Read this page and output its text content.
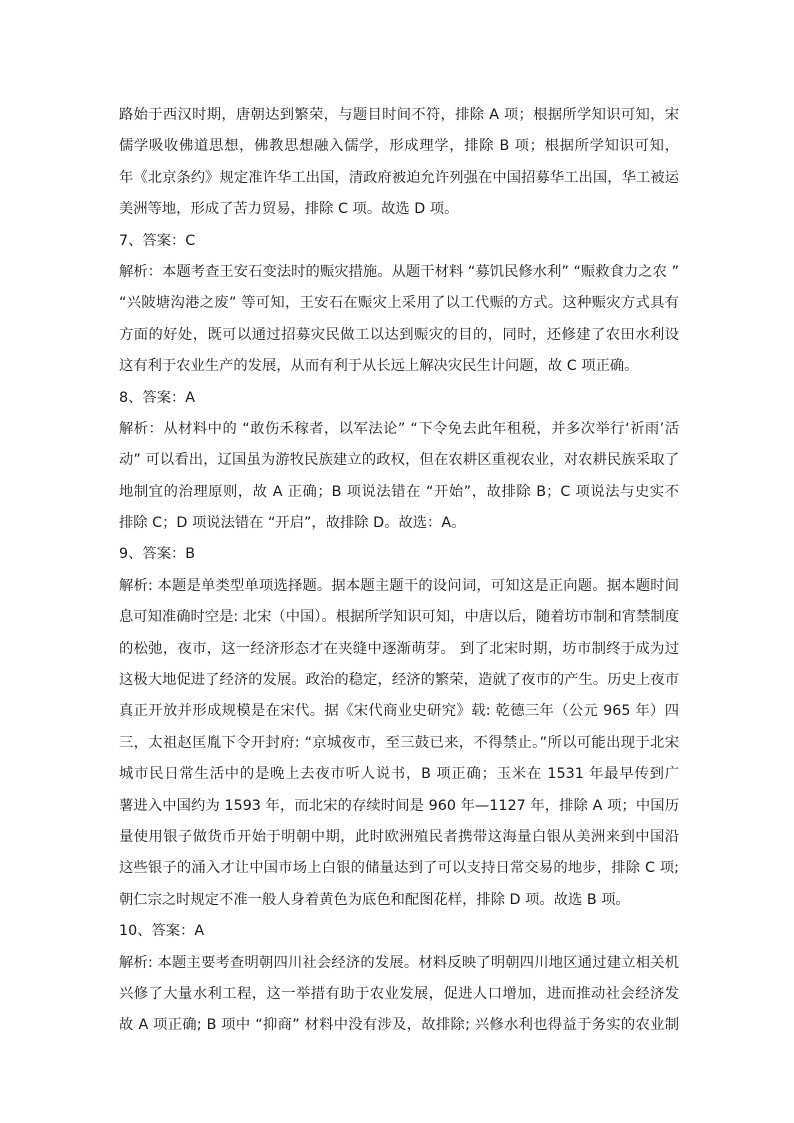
路始于西汉时期，唐朝达到繁荣，与题目时间不符，排除 A 项；根据所学知识可知，宋
儒学吸收佛道思想，佛教思想融入儒学，形成理学，排除 B 项；根据所学知识可知，
年《北京条约》规定准许华工出国，清政府被迫允许列强在中国招募华工出国，华工被运
美洲等地，形成了苦力贸易，排除 C 项。故选 D 项。
7、答案：C
解析：本题考查王安石变法时的赈灾措施。从题干材料 “募饥民修水利” “赈救食力之农 ”
“兴陂塘沟港之废” 等可知，王安石在赈灾上采用了以工代赈的方式。这种赈灾方式具有
方面的好处，既可以通过招募灾民做工以达到赈灾的目的，同时，还修建了农田水利设
这有利于农业生产的发展，从而有利于从长远上解决灾民生计问题，故 C 项正确。
8、答案：A
解析：从材料中的 “敢伤禾稼者，以军法论” “下令免去此年租税，并多次举行‘祈雨’活
动” 可以看出，辽国虽为游牧民族建立的政权，但在农耕区重视农业，对农耕民族采取了
地制宜的治理原则，故 A 正确；B 项说法错在 “开始”，故排除 B；C 项说法与史实不
排除 C；D 项说法错在 “开启”，故排除 D。故选：A。
9、答案：B
解析: 本题是单类型单项选择题。据本题主题干的设问词，可知这是正向题。据本题时间
息可知准确时空是: 北宋（中国）。根据所学知识可知，中唐以后，随着坊市制和宵禁制度
的松弛，夜市，这一经济形态才在夹缝中逐渐萌芽。 到了北宋时期，坊市制终于成为过
这极大地促进了经济的发展。政治的稳定，经济的繁荣，造就了夜市的产生。历史上夜市
真正开放并形成规模是在宋代。据《宋代商业史研究》载: 乾德三年（公元 965 年）四
三，太祖赵匡胤下令开封府: “京城夜市，至三鼓已来，不得禁止。”所以可能出现于北宋
城市民日常生活中的是晚上去夜市听人说书，B 项正确；玉米在 1531 年最早传到广
薯进入中国约为 1593 年，而北宋的存续时间是 960 年—1127 年，排除 A 项；中国历
量使用银子做货币开始于明朝中期，此时欧洲殖民者携带这海量白银从美洲来到中国沿
这些银子的涌入才让中国市场上白银的储量达到了可以支持日常交易的地步，排除 C 项;
朝仁宗之时规定不准一般人身着黄色为底色和配图花样，排除 D 项。故选 B 项。
10、答案：A
解析: 本题主要考查明朝四川社会经济的发展。材料反映了明朝四川地区通过建立相关机
兴修了大量水利工程，这一举措有助于农业发展，促进人口增加，进而推动社会经济发
故 A 项正确; B 项中 “抑商” 材料中没有涉及，故排除; 兴修水利也得益于务实的农业制
